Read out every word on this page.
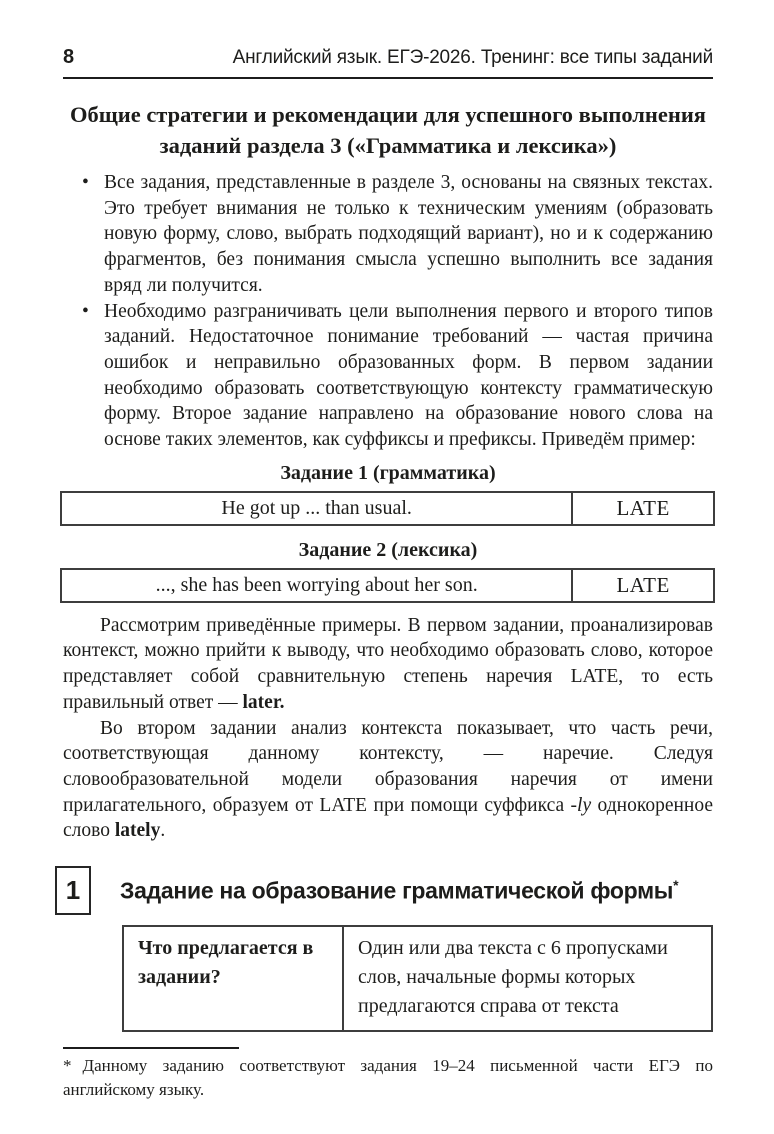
8	Английский язык. ЕГЭ-2026. Тренинг: все типы заданий
Общие стратегии и рекомендации для успешного выполнения
заданий раздела 3 («Грамматика и лексика»)
• Все задания, представленные в разделе 3, основаны на связных текстах. Это требует внимания не только к техническим умениям (образовать новую форму, слово, выбрать подходящий вариант), но и к содержанию фрагментов, без понимания смысла успешно выполнить все задания вряд ли получится.
• Необходимо разграничивать цели выполнения первого и второго типов заданий. Недостаточное понимание требований — частая причина ошибок и неправильно образованных форм. В первом задании необходимо образовать соответствующую контексту грамматическую форму. Второе задание направлено на образование нового слова на основе таких элементов, как суффиксы и префиксы. Приведём пример:
Задание 1 (грамматика)
He got up ... than usual.	LATE
Задание 2 (лексика)
..., she has been worrying about her son.	LATE

Рассмотрим приведённые примеры. В первом задании, проанализировав контекст, можно прийти к выводу, что необходимо образовать слово, которое представляет собой сравнительную степень наречия LATE, то есть правильный ответ — later.

Во втором задании анализ контекста показывает, что часть речи, соответствующая данному контексту, — наречие. Следуя словообразовательной модели образования наречия от имени прилагательного, образуем от LATE при помощи суффикса -ly однокоренное слово lately.

1	Задание на образование грамматической формы*
Что предлагается в задании?	Один или два текста с 6 пропусками слов, начальные формы которых предлагаются справа от текста

* Данному заданию соответствуют задания 19–24 письменной части ЕГЭ по английскому языку.
